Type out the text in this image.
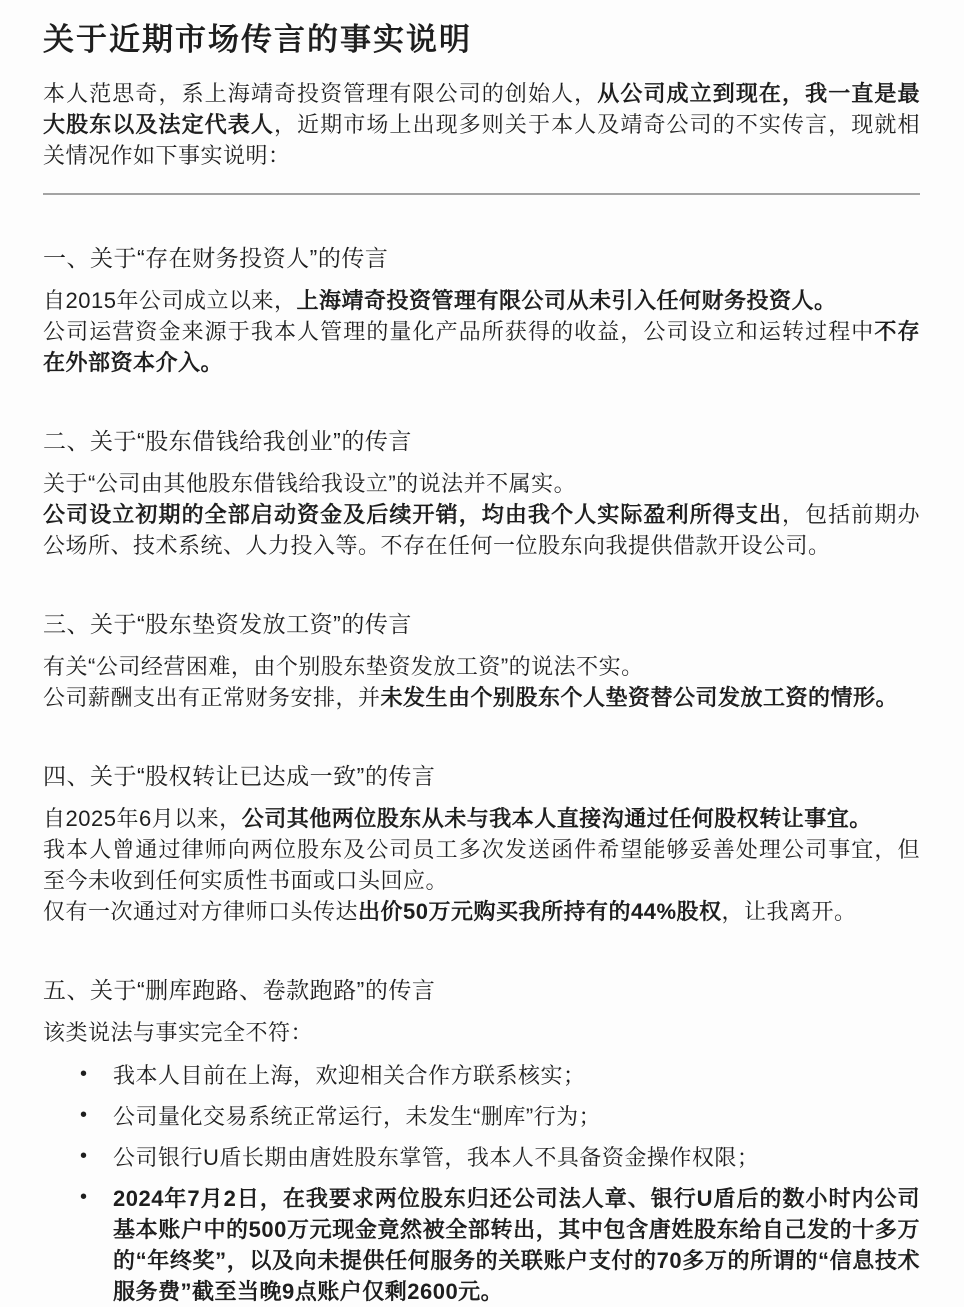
关于近期市场传言的事实说明

本人范思奇，系上海靖奇投资管理有限公司的创始人，从公司成立到现在，我一直是最大股东以及法定代表人，近期市场上出现多则关于本人及靖奇公司的不实传言，现就相关情况作如下事实说明：

一、关于“存在财务投资人”的传言

自2015年公司成立以来，上海靖奇投资管理有限公司从未引入任何财务投资人。

公司运营资金来源于我本人管理的量化产品所获得的收益，公司设立和运转过程中不存在外部资本介入。

二、关于“股东借钱给我创业”的传言

关于“公司由其他股东借钱给我设立”的说法并不属实。

公司设立初期的全部启动资金及后续开销，均由我个人实际盈利所得支出，包括前期办公场所、技术系统、人力投入等。不存在任何一位股东向我提供借款开设公司。

三、关于“股东垫资发放工资”的传言

有关“公司经营困难，由个别股东垫资发放工资”的说法不实。

公司薪酬支出有正常财务安排，并未发生由个别股东个人垫资替公司发放工资的情形。

四、关于“股权转让已达成一致”的传言

自2025年6月以来，公司其他两位股东从未与我本人直接沟通过任何股权转让事宜。

我本人曾通过律师向两位股东及公司员工多次发送函件希望能够妥善处理公司事宜，但至今未收到任何实质性书面或口头回应。

仅有一次通过对方律师口头传达出价50万元购买我所持有的44%股权，让我离开。

五、关于“删库跑路、卷款跑路”的传言

该类说法与事实完全不符：

• 我本人目前在上海，欢迎相关合作方联系核实；
• 公司量化交易系统正常运行，未发生“删库”行为；
• 公司银行U盾长期由唐姓股东掌管，我本人不具备资金操作权限；
• 2024年7月2日，在我要求两位股东归还公司法人章、银行U盾后的数小时内公司基本账户中的500万元现金竟然被全部转出，其中包含唐姓股东给自己发的十多万的“年终奖”，以及向未提供任何服务的关联账户支付的70多万的所谓的“信息技术服务费”截至当晚9点账户仅剩2600元。
